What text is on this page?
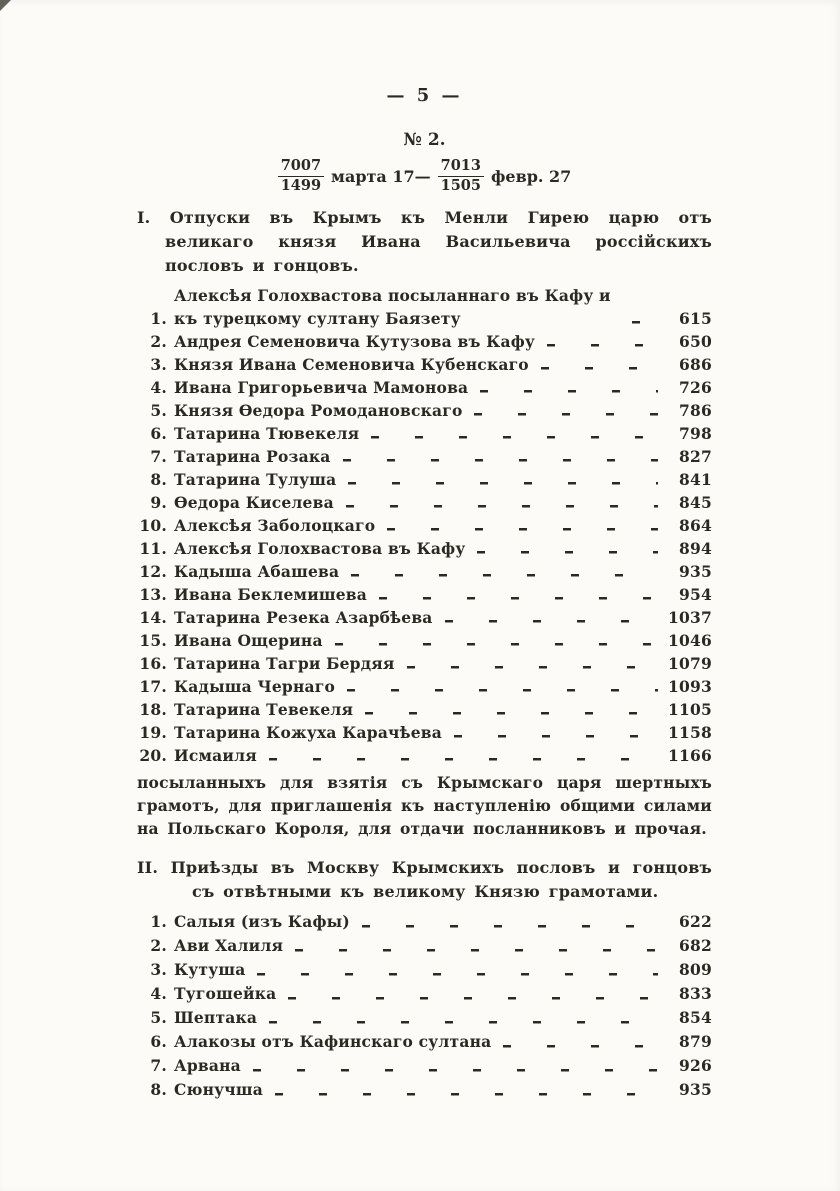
— 5 —
№ 2.
$\frac{7007}{1499}$ марта 17— $\frac{7013}{1505}$ февр. 27

I. Отпуски въ Крымъ къ Менли Гирею царю отъ великаго князя Ивана Васильевича россійскихъ пословъ и гонцовъ.

1.
Алексѣя Голохвастова посыланнаго въ Кафу и къ турецкому султану Баязету	615
2. Андрея Семеновича Кутузова въ Кафу	650
3. Князя Ивана Семеновича Кубенскаго	686
4. Ивана Григорьевича Мамонова	726
5. Князя Ѳедора Ромодановскаго	786
6. Татарина Тювекеля	798
7. Татарина Розака	827
8. Татарина Тулуша	841
9. Ѳедора Киселева	845
10. Алексѣя Заболоцкаго	864
11. Алексѣя Голохвастова въ Кафу	894
12. Кадыша Абашева	935
13. Ивана Беклемишева	954
14. Татарина Резека Азарбѣева	1037
15. Ивана Ощерина	1046
16. Татарина Тагри Бердяя	1079
17. Кадыша Чернаго	1093
18. Татарина Тевекеля	1105
19. Татарина Кожуха Карачѣева	1158
20. Исмаиля	1166

посыланныхъ для взятія съ Крымскаго царя шертныхъ грамотъ, для приглашенія къ наступленію общими силами на Польскаго Короля, для отдачи посланниковъ и прочая.

II. Приѣзды въ Москву Крымскихъ пословъ и гонцовъ съ отвѣтными къ великому Князю грамотами.

1. Салыя (изъ Кафы)	622
2. Ави Халиля	682
3. Кутуша	809
4. Тугошейка	833
5. Шептака	854
6. Алакозы отъ Кафинскаго султана	879
7. Арвана	926
8. Сюнучша	935
